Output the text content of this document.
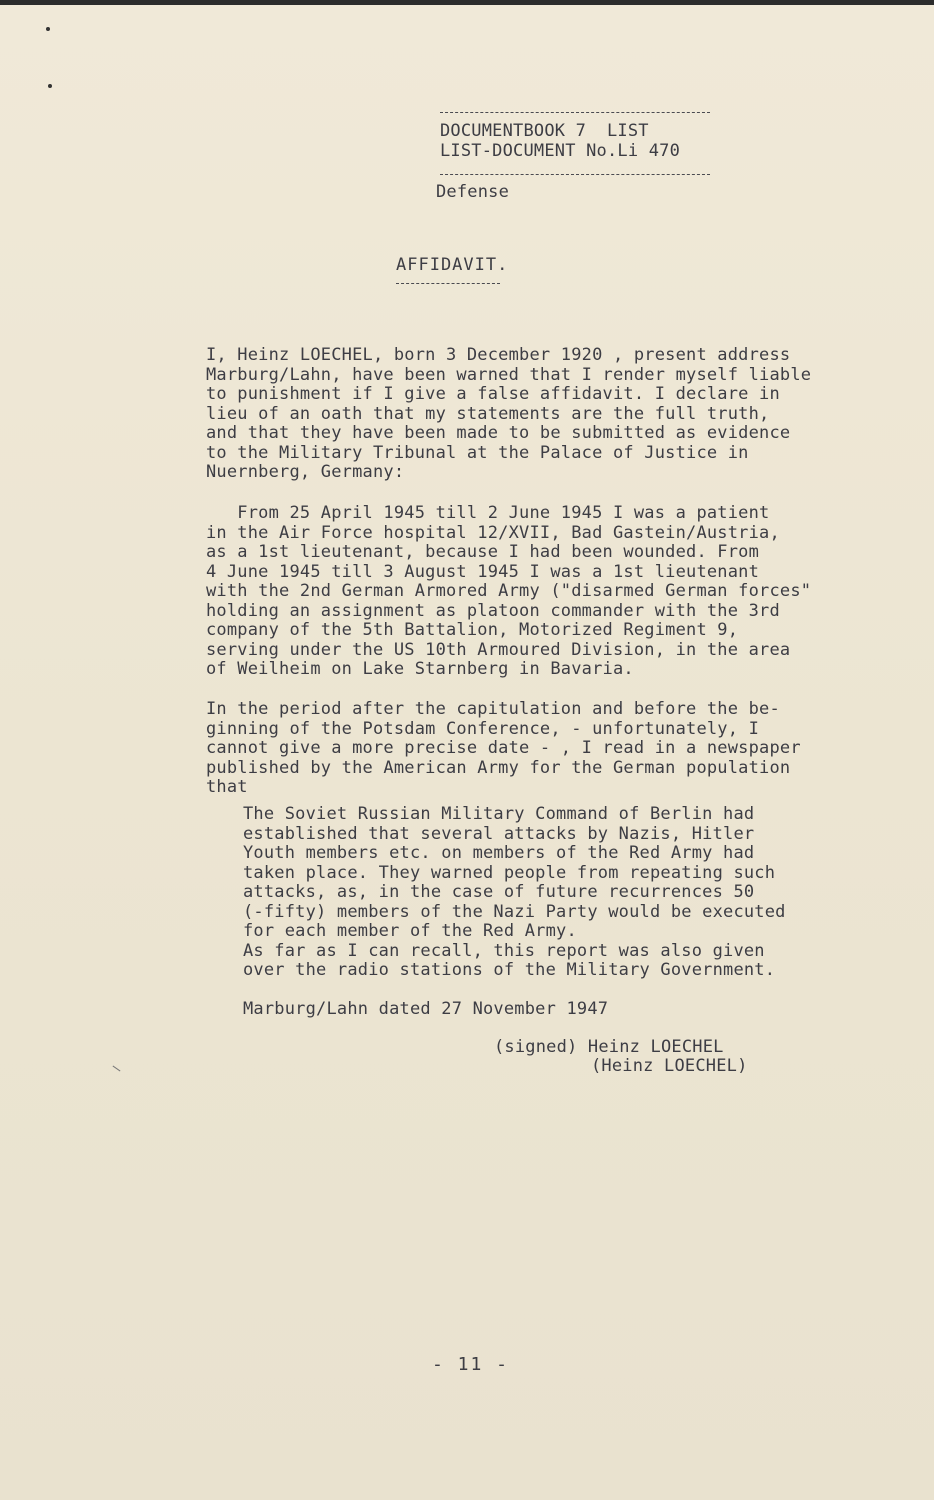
DOCUMENTBOOK 7  LIST
LIST-DOCUMENT No.Li 470
Defense
AFFIDAVIT.
I, Heinz LOECHEL, born 3 December 1920 , present address
Marburg/Lahn, have been warned that I render myself liable
to punishment if I give a false affidavit. I declare in
lieu of an oath that my statements are the full truth,
and that they have been made to be submitted as evidence
to the Military Tribunal at the Palace of Justice in
Nuernberg, Germany:
From 25 April 1945 till 2 June 1945 I was a patient
in the Air Force hospital 12/XVII, Bad Gastein/Austria,
as a 1st lieutenant, because I had been wounded. From
4 June 1945 till 3 August 1945 I was a 1st lieutenant
with the 2nd German Armored Army ("disarmed German forces"
holding an assignment as platoon commander with the 3rd
company of the 5th Battalion, Motorized Regiment 9,
serving under the US 10th Armoured Division, in the area
of Weilheim on Lake Starnberg in Bavaria.
In the period after the capitulation and before the be-
ginning of the Potsdam Conference, - unfortunately, I
cannot give a more precise date - , I read in a newspaper
published by the American Army for the German population
that
The Soviet Russian Military Command of Berlin had
established that several attacks by Nazis, Hitler
Youth members etc. on members of the Red Army had
taken place. They warned people from repeating such
attacks, as, in the case of future recurrences 50
(-fifty) members of the Nazi Party would be executed
for each member of the Red Army.
As far as I can recall, this report was also given
over the radio stations of the Military Government.
Marburg/Lahn dated 27 November 1947
(signed) Heinz LOECHEL
(Heinz LOECHEL)
- 11 -
